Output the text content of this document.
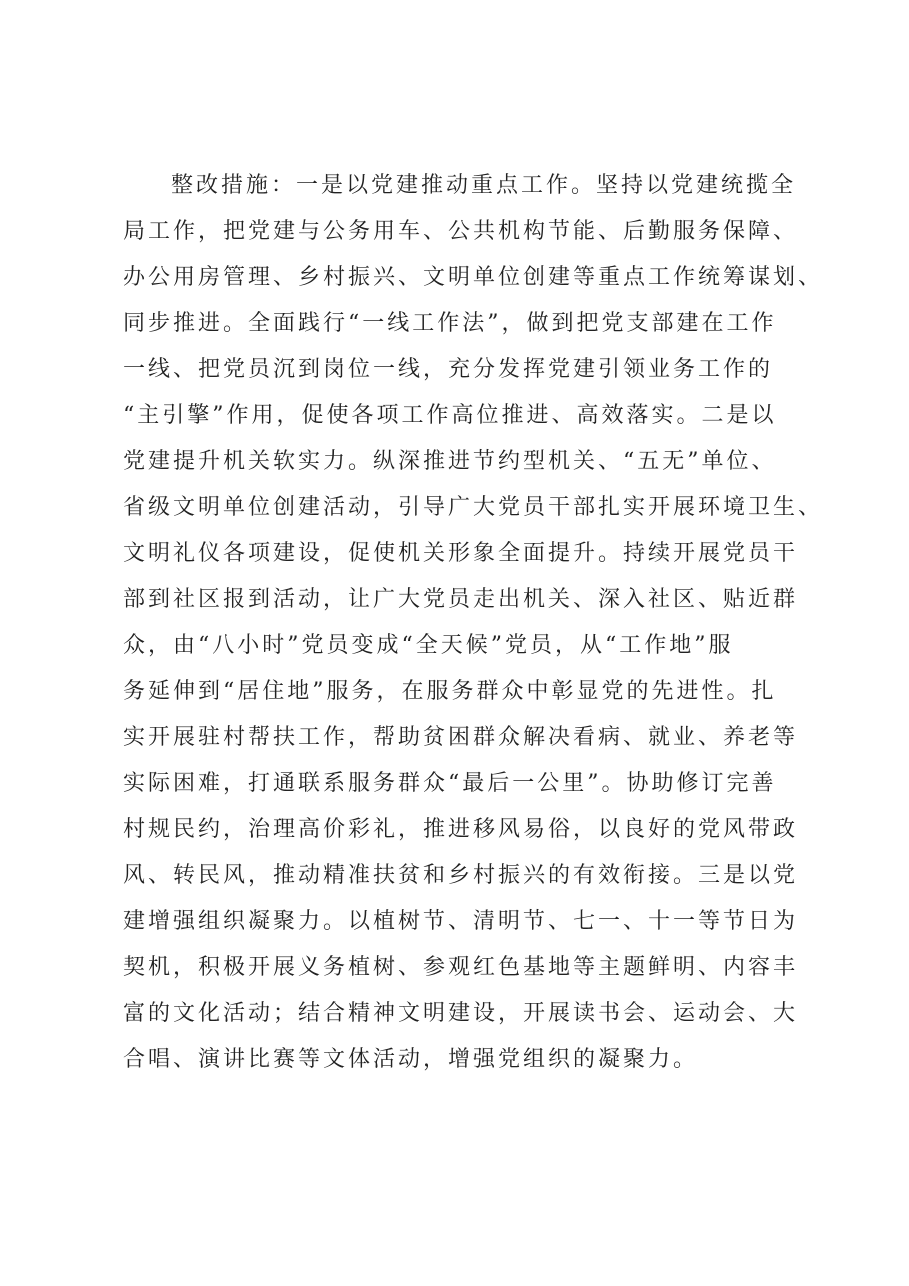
整改措施：一是以党建推动重点工作。坚持以党建统揽全
局工作，把党建与公务用车、公共机构节能、后勤服务保障、
办公用房管理、乡村振兴、文明单位创建等重点工作统筹谋划、
同步推进。全面践行“一线工作法”，做到把党支部建在工作
一线、把党员沉到岗位一线，充分发挥党建引领业务工作的
“主引擎”作用，促使各项工作高位推进、高效落实。二是以
党建提升机关软实力。纵深推进节约型机关、“五无”单位、
省级文明单位创建活动，引导广大党员干部扎实开展环境卫生、
文明礼仪各项建设，促使机关形象全面提升。持续开展党员干
部到社区报到活动，让广大党员走出机关、深入社区、贴近群
众，由“八小时”党员变成“全天候”党员，从“工作地”服
务延伸到“居住地”服务，在服务群众中彰显党的先进性。扎
实开展驻村帮扶工作，帮助贫困群众解决看病、就业、养老等
实际困难，打通联系服务群众“最后一公里”。协助修订完善
村规民约，治理高价彩礼，推进移风易俗，以良好的党风带政
风、转民风，推动精准扶贫和乡村振兴的有效衔接。三是以党
建增强组织凝聚力。以植树节、清明节、七一、十一等节日为
契机，积极开展义务植树、参观红色基地等主题鲜明、内容丰
富的文化活动；结合精神文明建设，开展读书会、运动会、大
合唱、演讲比赛等文体活动，增强党组织的凝聚力。
